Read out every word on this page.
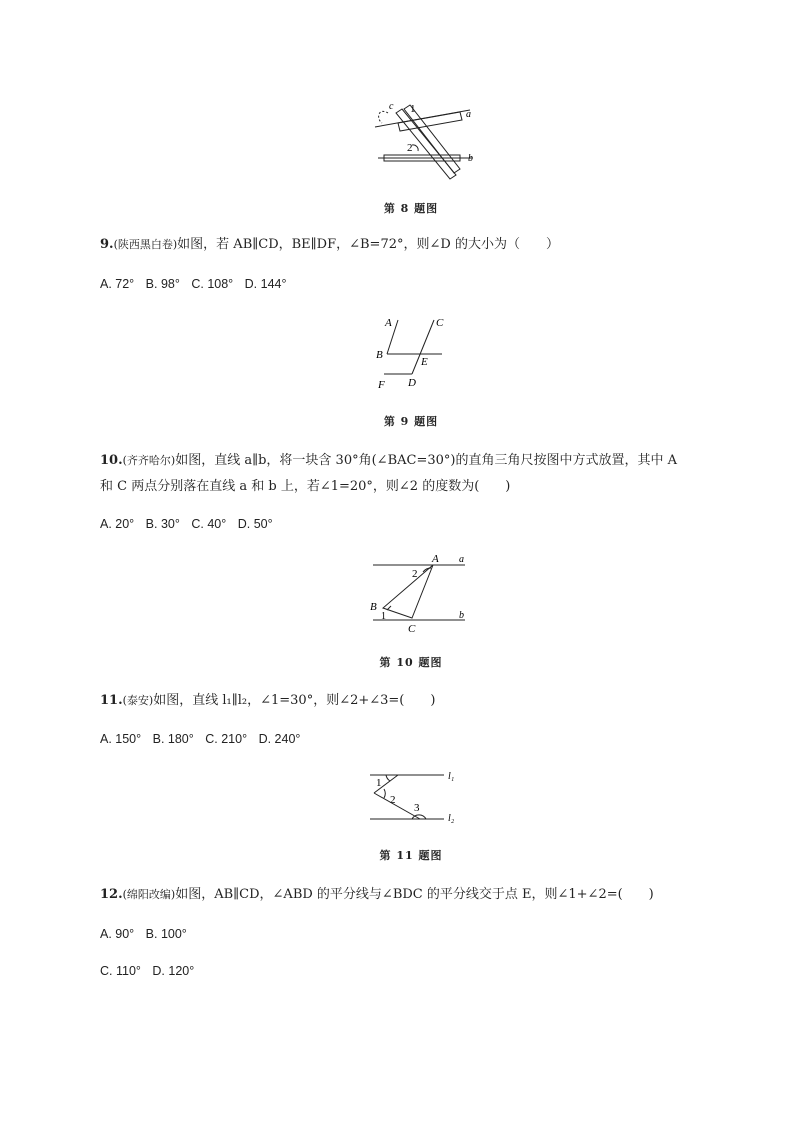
c 1	a
2
b
第 8 题图
9.(陕西黑白卷)如图，若 AB∥CD，BE∥DF，∠B=72°，则∠D 的大小为（　　）
A. 72° B. 98° C. 108° D. 144°
A	C
B
E
F D
第 9 题图
10.(齐齐哈尔)如图，直线 a∥b，将一块含 30°角(∠BAC=30°)的直角三角尺按图中方式放置，其中 A
和 C 两点分别落在直线 a 和 b 上，若∠1=20°，则∠2 的度数为(　　)
A. 20° B. 30° C. 40° D. 50°
A a
2
B
b
1
C
第 10 题图
11.(泰安)如图，直线 l₁∥l₂，∠1=30°，则∠2+∠3=(　　)
A. 150° B. 180° C. 210° D. 240°
1
l₁
2
3
l₂
第 11 题图
12.(绵阳改编)如图，AB∥CD，∠ABD 的平分线与∠BDC 的平分线交于点 E，则∠1+∠2=(　　)
A. 90° B. 100°
C. 110° D. 120°
